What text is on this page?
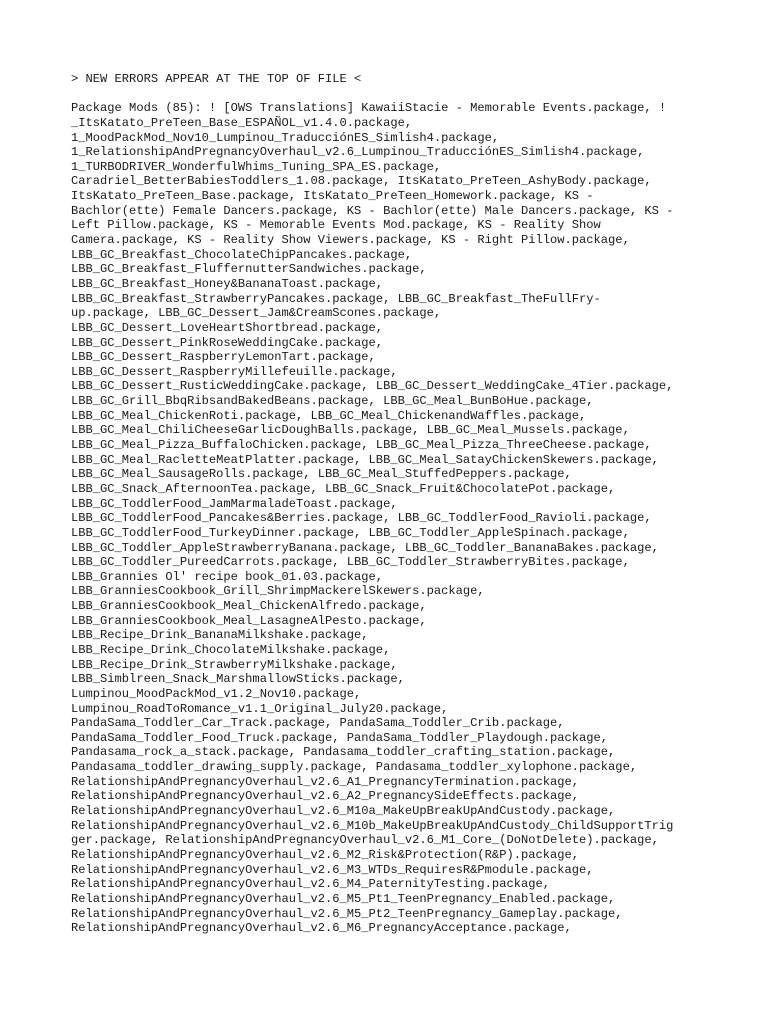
> NEW ERRORS APPEAR AT THE TOP OF FILE <

Package Mods (85): ! [OWS Translations] KawaiiStacie - Memorable Events.package, !
_ItsKatato_PreTeen_Base_ESPAÑOL_v1.4.0.package,
1_MoodPackMod_Nov10_Lumpinou_TraducciónES_Simlish4.package,
1_RelationshipAndPregnancyOverhaul_v2.6_Lumpinou_TraducciónES_Simlish4.package,
1_TURBODRIVER_WonderfulWhims_Tuning_SPA_ES.package,
Caradriel_BetterBabiesToddlers_1.08.package, ItsKatato_PreTeen_AshyBody.package,
ItsKatato_PreTeen_Base.package, ItsKatato_PreTeen_Homework.package, KS -
Bachlor(ette) Female Dancers.package, KS - Bachlor(ette) Male Dancers.package, KS -
Left Pillow.package, KS - Memorable Events Mod.package, KS - Reality Show
Camera.package, KS - Reality Show Viewers.package, KS - Right Pillow.package,
LBB_GC_Breakfast_ChocolateChipPancakes.package,
LBB_GC_Breakfast_FluffernutterSandwiches.package,
LBB_GC_Breakfast_Honey&BananaToast.package,
LBB_GC_Breakfast_StrawberryPancakes.package, LBB_GC_Breakfast_TheFullFry-
up.package, LBB_GC_Dessert_Jam&CreamScones.package,
LBB_GC_Dessert_LoveHeartShortbread.package,
LBB_GC_Dessert_PinkRoseWeddingCake.package,
LBB_GC_Dessert_RaspberryLemonTart.package,
LBB_GC_Dessert_RaspberryMillefeuille.package,
LBB_GC_Dessert_RusticWeddingCake.package, LBB_GC_Dessert_WeddingCake_4Tier.package,
LBB_GC_Grill_BbqRibsandBakedBeans.package, LBB_GC_Meal_BunBoHue.package,
LBB_GC_Meal_ChickenRoti.package, LBB_GC_Meal_ChickenandWaffles.package,
LBB_GC_Meal_ChiliCheeseGarlicDoughBalls.package, LBB_GC_Meal_Mussels.package,
LBB_GC_Meal_Pizza_BuffaloChicken.package, LBB_GC_Meal_Pizza_ThreeCheese.package,
LBB_GC_Meal_RacletteMeatPlatter.package, LBB_GC_Meal_SatayChickenSkewers.package,
LBB_GC_Meal_SausageRolls.package, LBB_GC_Meal_StuffedPeppers.package,
LBB_GC_Snack_AfternoonTea.package, LBB_GC_Snack_Fruit&ChocolatePot.package,
LBB_GC_ToddlerFood_JamMarmaladeToast.package,
LBB_GC_ToddlerFood_Pancakes&Berries.package, LBB_GC_ToddlerFood_Ravioli.package,
LBB_GC_ToddlerFood_TurkeyDinner.package, LBB_GC_Toddler_AppleSpinach.package,
LBB_GC_Toddler_AppleStrawberryBanana.package, LBB_GC_Toddler_BananaBakes.package,
LBB_GC_Toddler_PureedCarrots.package, LBB_GC_Toddler_StrawberryBites.package,
LBB_Grannies Ol' recipe book_01.03.package,
LBB_GranniesCookbook_Grill_ShrimpMackerelSkewers.package,
LBB_GranniesCookbook_Meal_ChickenAlfredo.package,
LBB_GranniesCookbook_Meal_LasagneAlPesto.package,
LBB_Recipe_Drink_BananaMilkshake.package,
LBB_Recipe_Drink_ChocolateMilkshake.package,
LBB_Recipe_Drink_StrawberryMilkshake.package,
LBB_Simblreen_Snack_MarshmallowSticks.package,
Lumpinou_MoodPackMod_v1.2_Nov10.package,
Lumpinou_RoadToRomance_v1.1_Original_July20.package,
PandaSama_Toddler_Car_Track.package, PandaSama_Toddler_Crib.package,
PandaSama_Toddler_Food_Truck.package, PandaSama_Toddler_Playdough.package,
Pandasama_rock_a_stack.package, Pandasama_toddler_crafting_station.package,
Pandasama_toddler_drawing_supply.package, Pandasama_toddler_xylophone.package,
RelationshipAndPregnancyOverhaul_v2.6_A1_PregnancyTermination.package,
RelationshipAndPregnancyOverhaul_v2.6_A2_PregnancySideEffects.package,
RelationshipAndPregnancyOverhaul_v2.6_M10a_MakeUpBreakUpAndCustody.package,
RelationshipAndPregnancyOverhaul_v2.6_M10b_MakeUpBreakUpAndCustody_ChildSupportTrig
ger.package, RelationshipAndPregnancyOverhaul_v2.6_M1_Core_(DoNotDelete).package,
RelationshipAndPregnancyOverhaul_v2.6_M2_Risk&Protection(R&P).package,
RelationshipAndPregnancyOverhaul_v2.6_M3_WTDs_RequiresR&Pmodule.package,
RelationshipAndPregnancyOverhaul_v2.6_M4_PaternityTesting.package,
RelationshipAndPregnancyOverhaul_v2.6_M5_Pt1_TeenPregnancy_Enabled.package,
RelationshipAndPregnancyOverhaul_v2.6_M5_Pt2_TeenPregnancy_Gameplay.package,
RelationshipAndPregnancyOverhaul_v2.6_M6_PregnancyAcceptance.package,
